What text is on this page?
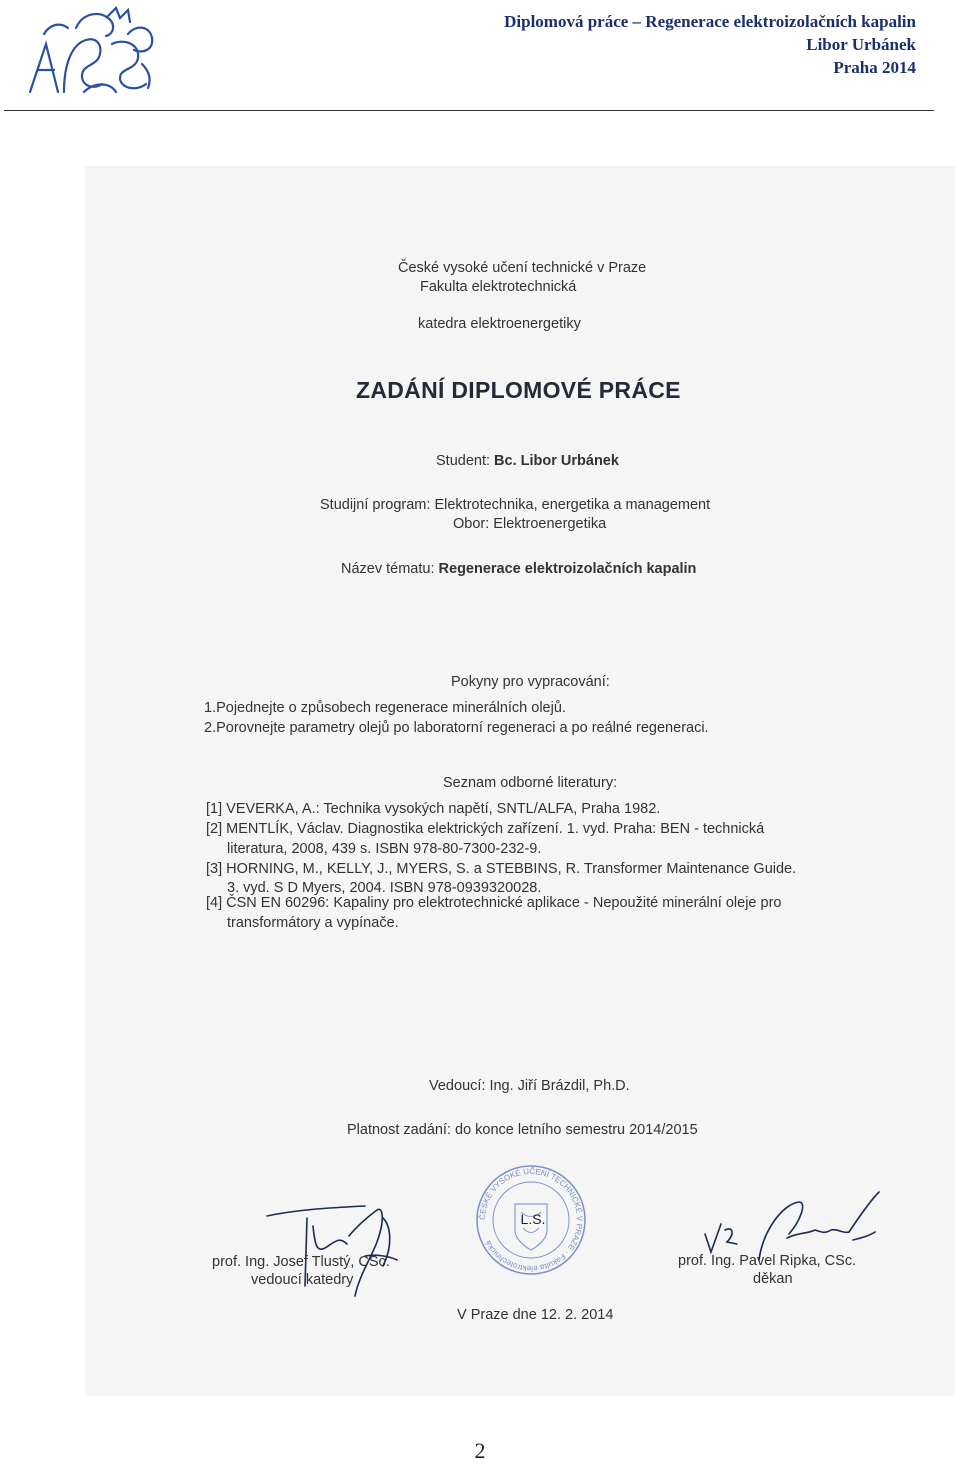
Diplomová práce – Regenerace elektroizolačních kapalin
Libor Urbánek
Praha 2014
České vysoké učení technické v Praze
Fakulta elektrotechnická
katedra elektroenergetiky
ZADÁNÍ DIPLOMOVÉ PRÁCE
Student: Bc. Libor Urbánek
Studijní program: Elektrotechnika, energetika a management
Obor: Elektroenergetika
Název tématu: Regenerace elektroizolačních kapalin
Pokyny pro vypracování:
1.Pojednejte o způsobech regenerace minerálních olejů.
2.Porovnejte parametry olejů po laboratorní regeneraci a po reálné regeneraci.
Seznam odborné literatury:
[1] VEVERKA, A.: Technika vysokých napětí, SNTL/ALFA, Praha 1982.
[2] MENTLÍK, Václav. Diagnostika elektrických zařízení. 1. vyd. Praha: BEN - technická
literatura, 2008, 439 s. ISBN 978-80-7300-232-9.
[3] HORNING, M., KELLY, J., MYERS, S. a STEBBINS, R. Transformer Maintenance Guide.
3. vyd. S D Myers, 2004. ISBN 978-0939320028.
[4] ČSN EN 60296: Kapaliny pro elektrotechnické aplikace - Nepoužité minerální oleje pro
transformátory a vypínače.
Vedoucí: Ing. Jiří Brázdil, Ph.D.
Platnost zadání: do konce letního semestru 2014/2015
prof. Ing. Josef Tlustý, CSc.
vedoucí katedry
ČESKÉ VYSOKÉ UČENÍ TECHNICKÉ V PRAZE · Fakulta elektrotechnická
L.S.
prof. Ing. Pavel Ripka, CSc.
děkan
V Praze dne 12. 2. 2014
2
